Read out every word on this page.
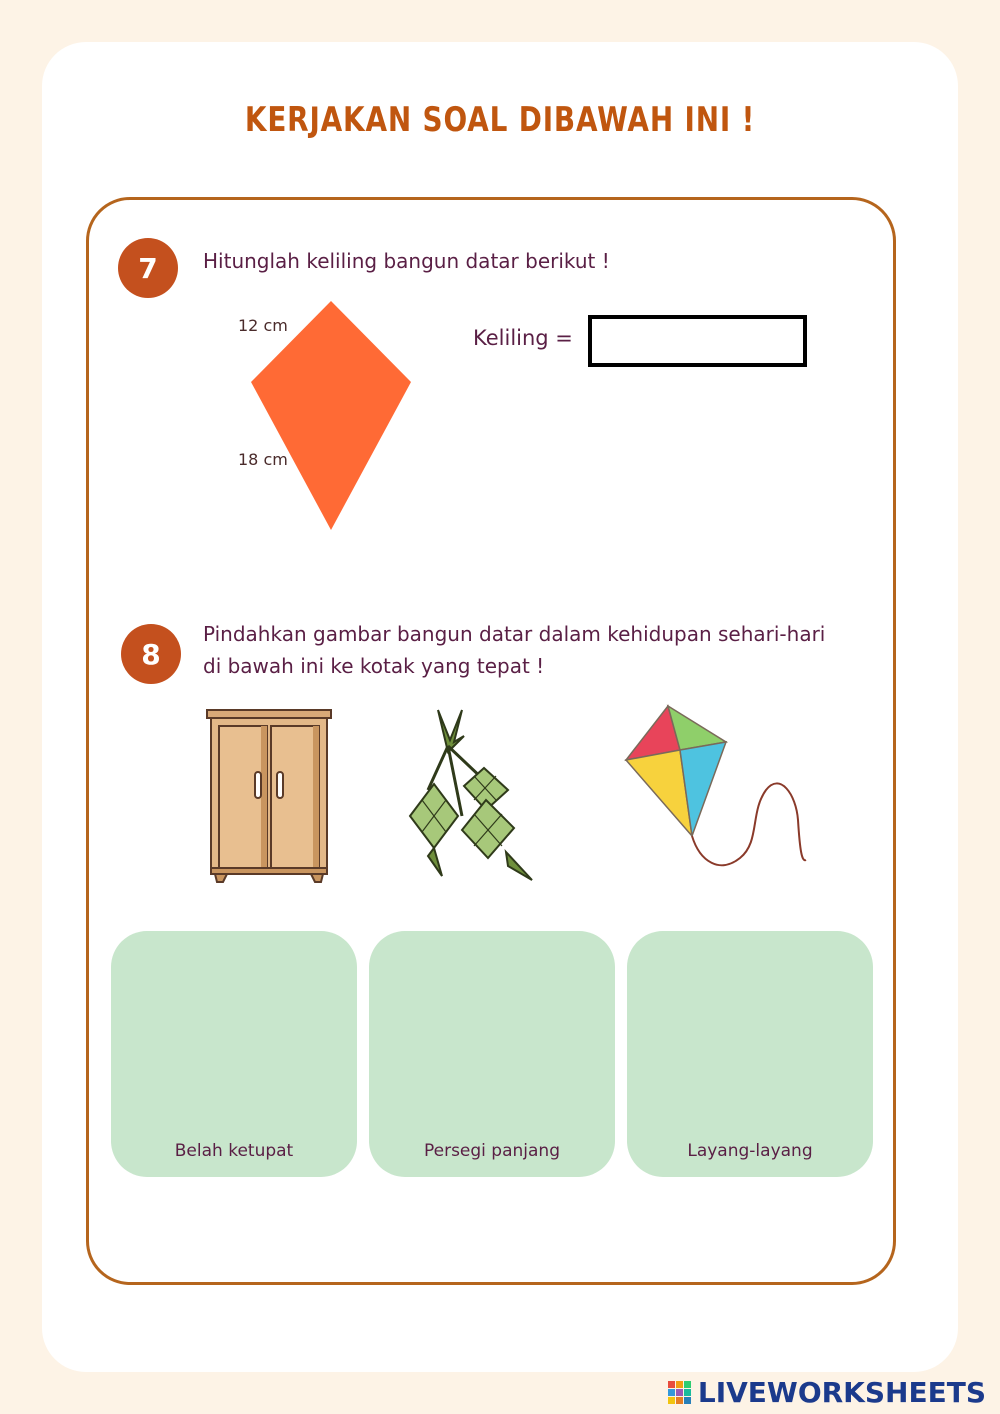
KERJAKAN SOAL DIBAWAH INI !
7	Hitunglah keliling bangun datar berikut !
12 cm
18 cm
Keliling =
8
Pindahkan gambar bangun datar dalam kehidupan sehari-hari
di bawah ini ke kotak yang tepat !
Belah ketupat	Persegi panjang	Layang-layang
LIVEWORKSHEETS
